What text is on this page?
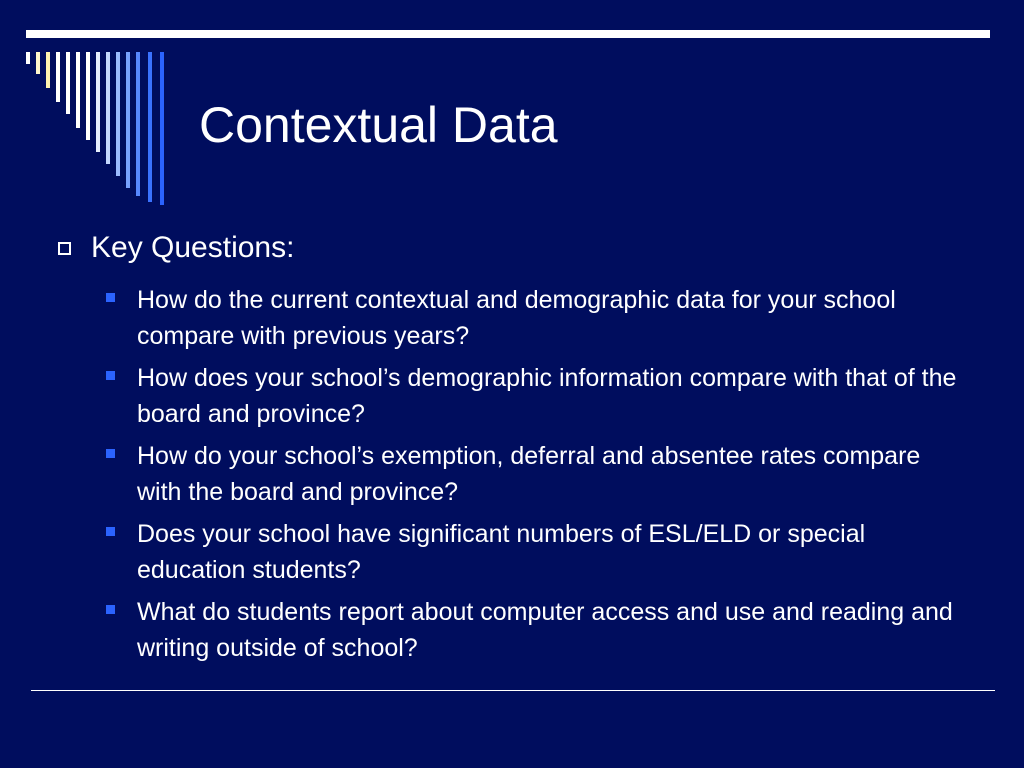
Contextual Data
Key Questions:
How do the current contextual and demographic data for your school compare with previous years?
How does your school’s demographic information compare with that of the board and province?
How do your school’s exemption, deferral and absentee rates compare with the board and province?
Does your school have significant numbers of ESL/ELD or special education students?
What do students report about computer access and use and reading and writing outside of school?
